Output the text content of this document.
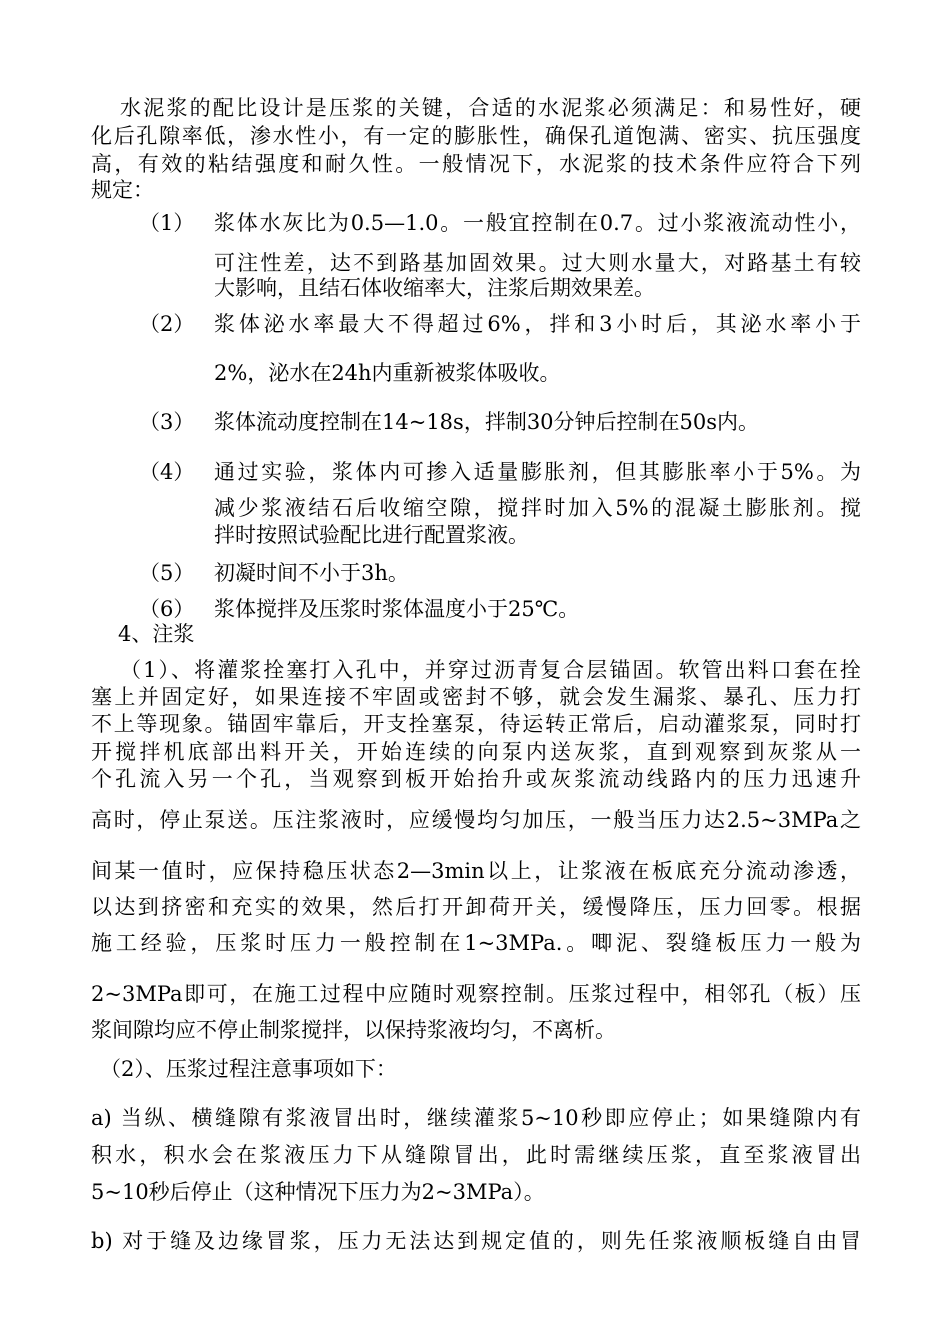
水泥浆的配比设计是压浆的关键，合适的水泥浆必须满足：和易性好，硬
化后孔隙率低，渗水性小，有一定的膨胀性，确保孔道饱满、密实、抗压强度
高，有效的粘结强度和耐久性。一般情况下，水泥浆的技术条件应符合下列
规定：
（1） 浆体水灰比为0.5—1.0。一般宜控制在0.7。过小浆液流动性小，
可注性差，达不到路基加固效果。过大则水量大，对路基土有较
大影响，且结石体收缩率大，注浆后期效果差。
（2） 浆体泌水率最大不得超过6%，拌和3小时后，其泌水率小于
2%，泌水在24h内重新被浆体吸收。
（3） 浆体流动度控制在14~18s，拌制30分钟后控制在50s内。
（4） 通过实验，浆体内可掺入适量膨胀剂，但其膨胀率小于5%。为
减少浆液结石后收缩空隙，搅拌时加入5%的混凝土膨胀剂。搅
拌时按照试验配比进行配置浆液。
（5） 初凝时间不小于3h。
（6） 浆体搅拌及压浆时浆体温度小于25℃。
4、注浆
（1）、将灌浆拴塞打入孔中，并穿过沥青复合层锚固。软管出料口套在拴
塞上并固定好，如果连接不牢固或密封不够，就会发生漏浆、暴孔、压力打
不上等现象。锚固牢靠后，开支拴塞泵，待运转正常后，启动灌浆泵，同时打
开搅拌机底部出料开关，开始连续的向泵内送灰浆，直到观察到灰浆从一
个孔流入另一个孔，当观察到板开始抬升或灰浆流动线路内的压力迅速升
高时，停止泵送。压注浆液时，应缓慢均匀加压，一般当压力达2.5~3MPa之
间某一值时，应保持稳压状态2—3min以上，让浆液在板底充分流动渗透，
以达到挤密和充实的效果，然后打开卸荷开关，缓慢降压，压力回零。根据
施工经验，压浆时压力一般控制在1~3MPa.。唧泥、裂缝板压力一般为
2~3MPa即可，在施工过程中应随时观察控制。压浆过程中，相邻孔（板）压
浆间隙均应不停止制浆搅拌，以保持浆液均匀，不离析。
（2）、压浆过程注意事项如下：
a) 当纵、横缝隙有浆液冒出时，继续灌浆5~10秒即应停止；如果缝隙内有
积水，积水会在浆液压力下从缝隙冒出，此时需继续压浆，直至浆液冒出
5~10秒后停止（这种情况下压力为2~3MPa）。
b) 对于缝及边缘冒浆，压力无法达到规定值的，则先任浆液顺板缝自由冒
